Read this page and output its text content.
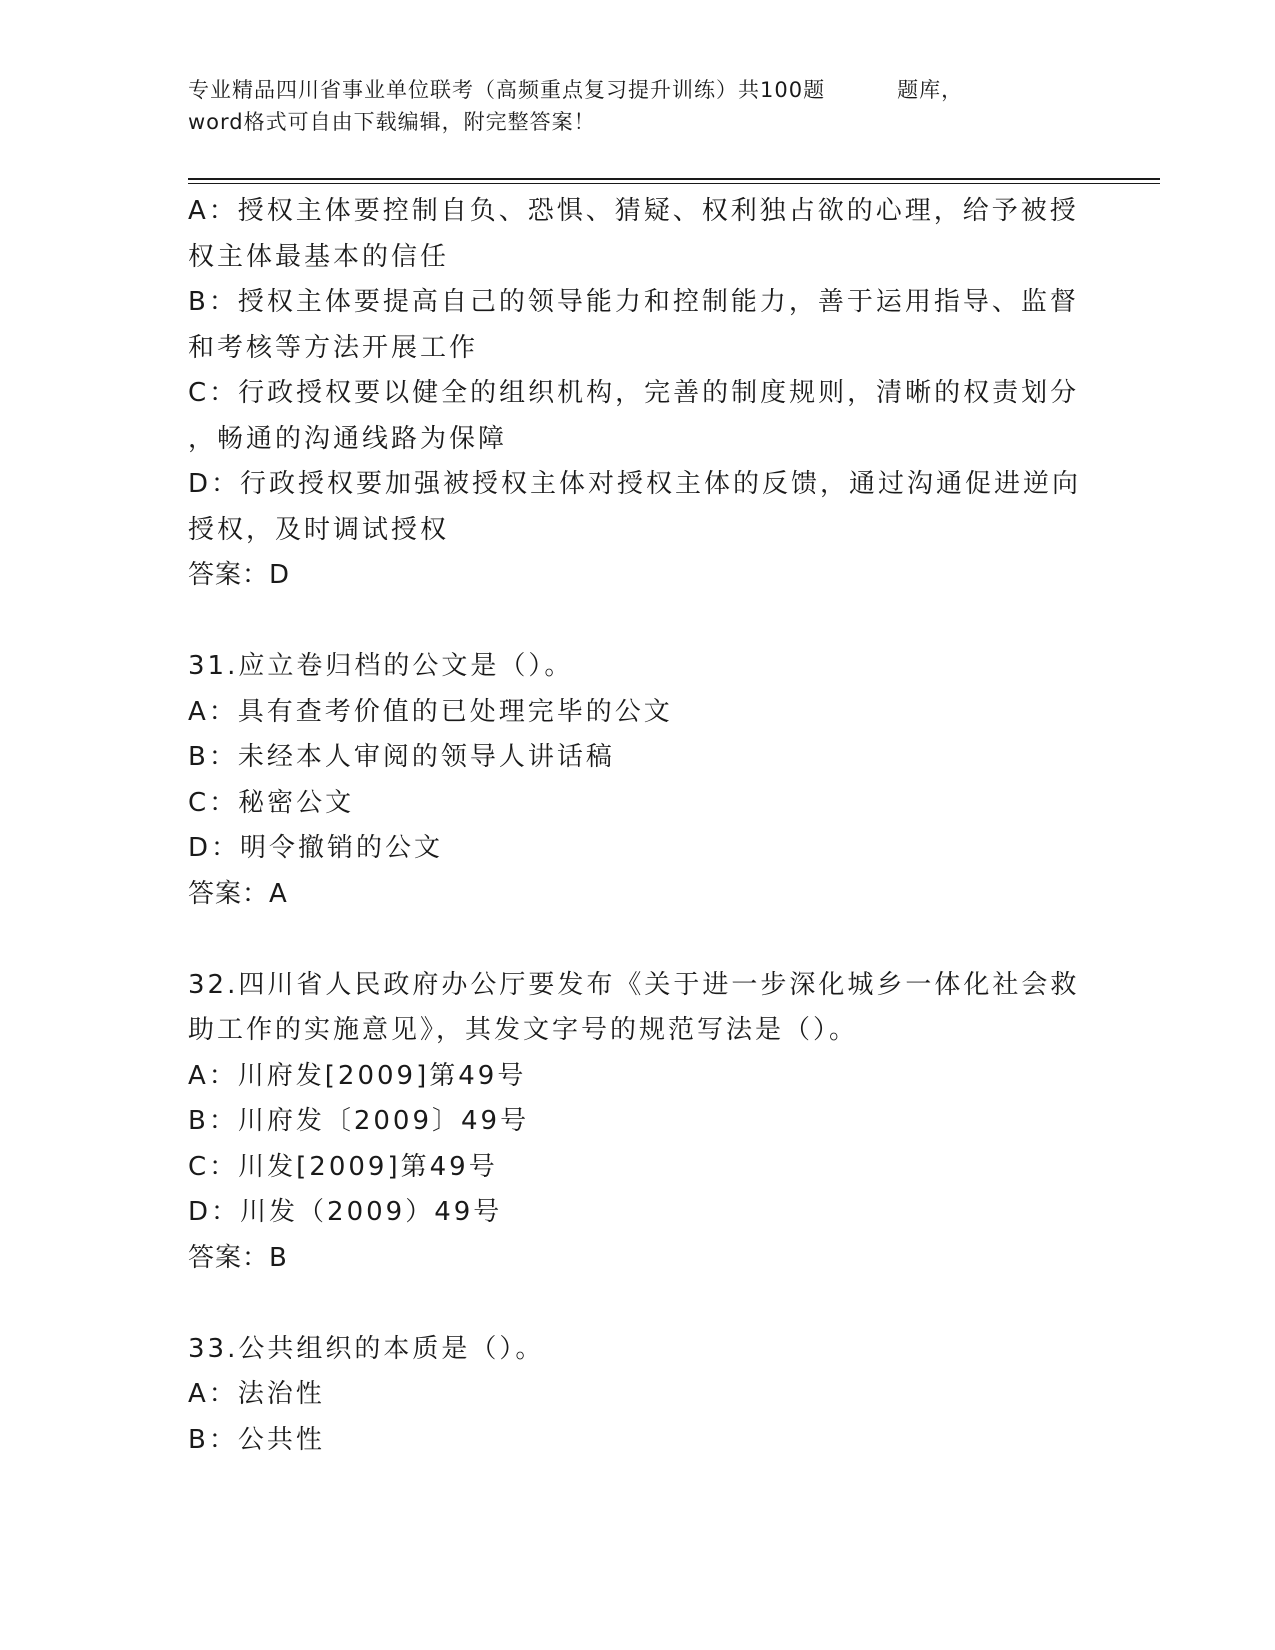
专业精品四川省事业单位联考（高频重点复习提升训练）共100题	题库，
word格式可自由下载编辑，附完整答案！
A：授权主体要控制自负、恐惧、猜疑、权利独占欲的心理，给予被授
权主体最基本的信任
B：授权主体要提高自己的领导能力和控制能力，善于运用指导、监督
和考核等方法开展工作
C：行政授权要以健全的组织机构，完善的制度规则，清晰的权责划分
，畅通的沟通线路为保障
D：行政授权要加强被授权主体对授权主体的反馈，通过沟通促进逆向
授权，及时调试授权
答案：D
31.应立卷归档的公文是（）。
A：具有查考价值的已处理完毕的公文
B：未经本人审阅的领导人讲话稿
C：秘密公文
D：明令撤销的公文
答案：A
32.四川省人民政府办公厅要发布《关于进一步深化城乡一体化社会救
助工作的实施意见》，其发文字号的规范写法是（）。
A：川府发[2009]第49号
B：川府发〔2009〕49号
C：川发[2009]第49号
D：川发（2009）49号
答案：B
33.公共组织的本质是（）。
A：法治性
B：公共性
